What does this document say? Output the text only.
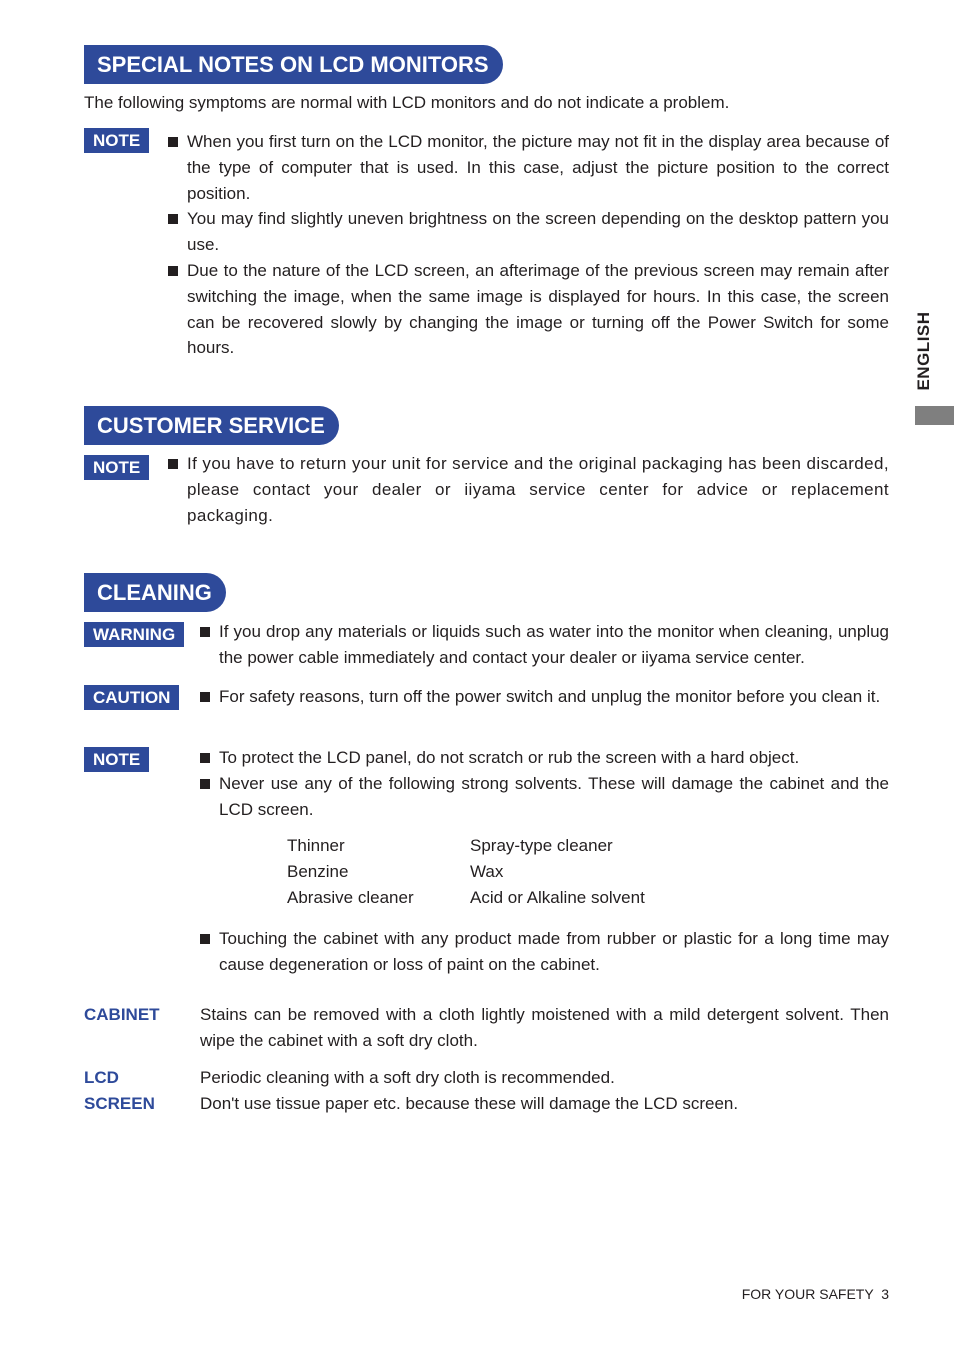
ENGLISH
SPECIAL NOTES ON LCD MONITORS

The following symptoms are normal with LCD monitors and do not indicate a problem.

NOTE	When you first turn on the LCD monitor, the picture may not fit in the display area because of the type of computer that is used. In this case, adjust the picture position to the correct position.

You may find slightly uneven brightness on the screen depending on the desktop pattern you use.

Due to the nature of the LCD screen, an afterimage of the previous screen may remain after switching the image, when the same image is displayed for hours. In this case, the screen can be recovered slowly by changing the image or turning off the Power Switch for some hours.

CUSTOMER SERVICE
NOTE	If you have to return your unit for service and the original packaging has been discarded, please contact your dealer or iiyama service center for advice or replacement packaging.

CLEANING
WARNING	If you drop any materials or liquids such as water into the monitor when cleaning, unplug the power cable immediately and contact your dealer or iiyama service center.

CAUTION	For safety reasons, turn off the power switch and unplug the monitor before you clean it.

NOTE	To protect the LCD panel, do not scratch or rub the screen with a hard object.

Never use any of the following strong solvents. These will damage the cabinet and the LCD screen.

Thinner	Spray-type cleaner
Benzine	Wax
Abrasive cleaner	Acid or Alkaline solvent

Touching the cabinet with any product made from rubber or plastic for a long time may cause degeneration or loss of paint on the cabinet.

CABINET Stains can be removed with a cloth lightly moistened with a mild detergent solvent. Then wipe the cabinet with a soft dry cloth.

LCD
SCREEN

Periodic cleaning with a soft dry cloth is recommended.

Don't use tissue paper etc. because these will damage the LCD screen.

FOR YOUR SAFETY  3
